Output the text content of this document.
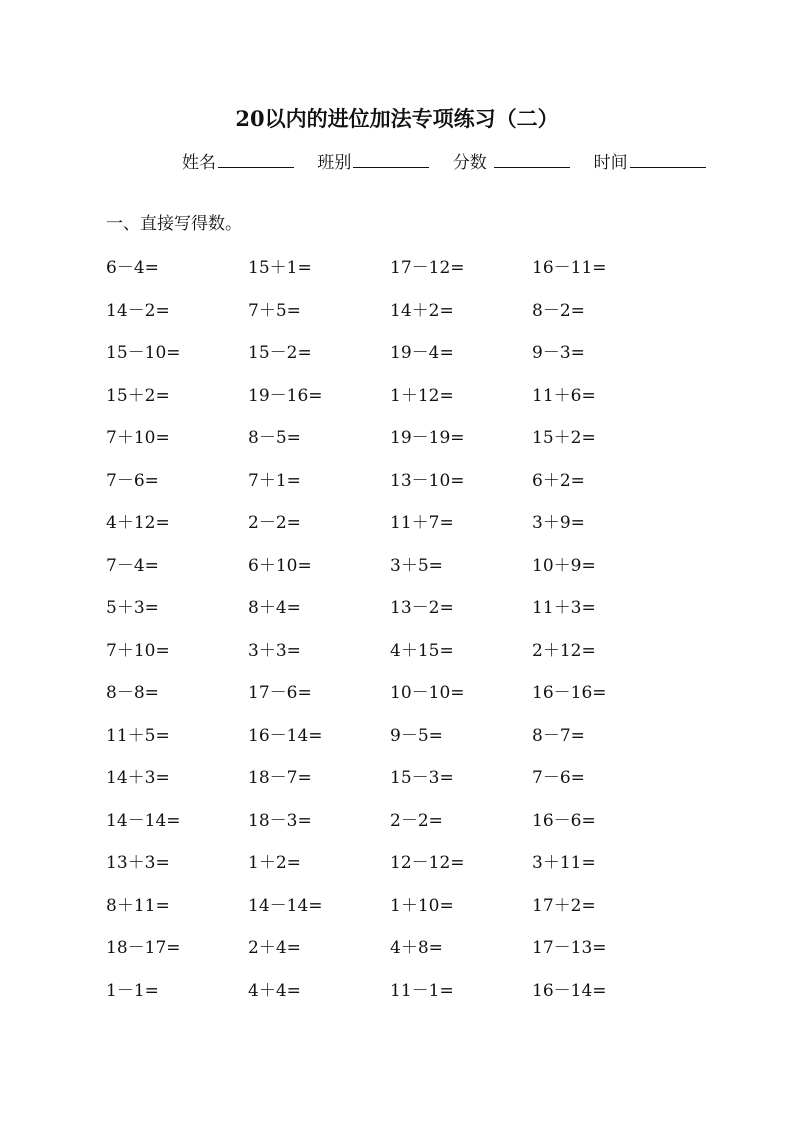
20以内的进位加法专项练习（二）
姓名	班别	分数	时间
一、直接写得数。
6－4=	15＋1=	17－12=	16－11=
14－2=	7＋5=	14＋2=	8－2=
15－10=	15－2=	19－4=	9－3=
15＋2=	19－16=	1＋12=	11＋6=
7＋10=	8－5=	19－19=	15＋2=
7－6=	7＋1=	13－10=	6＋2=
4＋12=	2－2=	11＋7=	3＋9=
7－4=	6＋10=	3＋5=	10＋9=
5＋3=	8＋4=	13－2=	11＋3=
7＋10=	3＋3=	4＋15=	2＋12=
8－8=	17－6=	10－10=	16－16=
11＋5=	16－14=	9－5=	8－7=
14＋3=	18－7=	15－3=	7－6=
14－14=	18－3=	2－2=	16－6=
13＋3=	1＋2=	12－12=	3＋11=
8＋11=	14－14=	1＋10=	17＋2=
18－17=	2＋4=	4＋8=	17－13=
1－1=	4＋4=	11－1=	16－14=
